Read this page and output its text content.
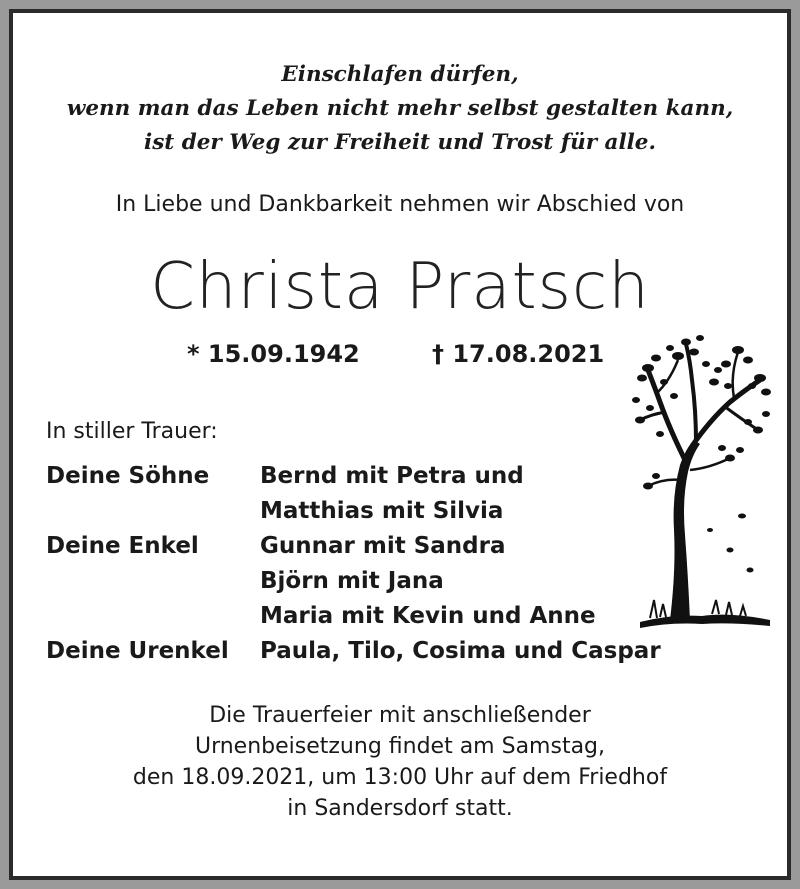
Einschlafen dürfen,
wenn man das Leben nicht mehr selbst gestalten kann,
ist der Weg zur Freiheit und Trost für alle.
In Liebe und Dankbarkeit nehmen wir Abschied von
Christa Pratsch
* 15.09.1942	† 17.08.2021
In stiller Trauer:
Deine Söhne	Bernd mit Petra und
Matthias mit Silvia
Deine Enkel	Gunnar mit Sandra
Björn mit Jana
Maria mit Kevin und Anne
Deine Urenkel	Paula, Tilo, Cosima und Caspar
Die Trauerfeier mit anschließender
Urnenbeisetzung findet am Samstag,
den 18.09.2021, um 13:00 Uhr auf dem Friedhof
in Sandersdorf statt.
